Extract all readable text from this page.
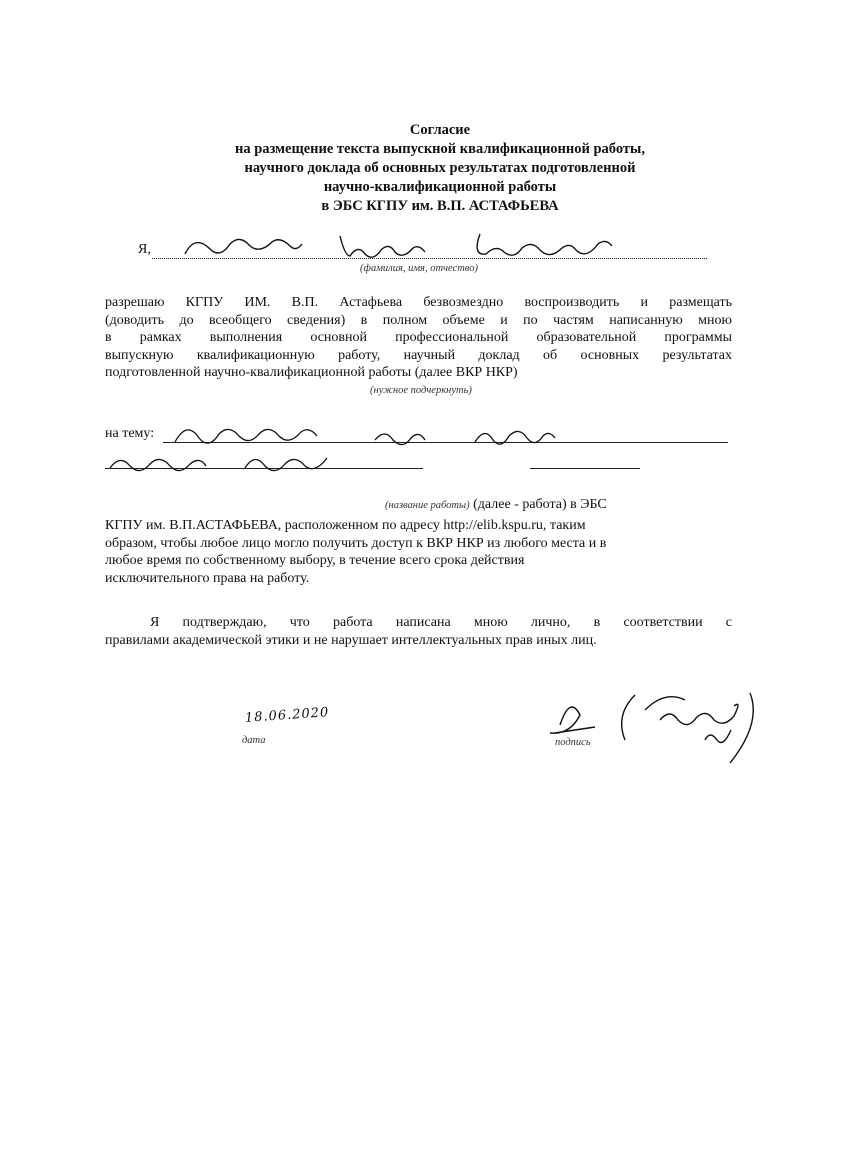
Согласие
на размещение текста выпускной квалификационной работы,
научного доклада об основных результатах подготовленной
научно-квалификационной работы
в ЭБС КГПУ им. В.П. АСТАФЬЕВА
Я,
(фамилия, имя, отчество)
разрешаю КГПУ ИМ. В.П. Астафьева безвозмездно воспроизводить и размещать
(доводить до всеобщего сведения) в полном объеме и по частям написанную мною
в рамках выполнения основной профессиональной образовательной программы
выпускную квалификационную работу, научный доклад об основных результатах
подготовленной научно-квалификационной работы (далее ВКР НКР)
(нужное подчеркнуть)
на тему:
(название работы) (далее - работа) в ЭБС
КГПУ им. В.П.АСТАФЬЕВА, расположенном по адресу http://elib.kspu.ru, таким
образом, чтобы любое лицо могло получить доступ к ВКР НКР из любого места и в
любое время по собственному выбору, в течение всего срока действия
исключительного права на работу.
Я подтверждаю, что работа написана мною лично, в соответствии с
правилами академической этики и не нарушает интеллектуальных прав иных лиц.
18.06.2020
дата	подпись
